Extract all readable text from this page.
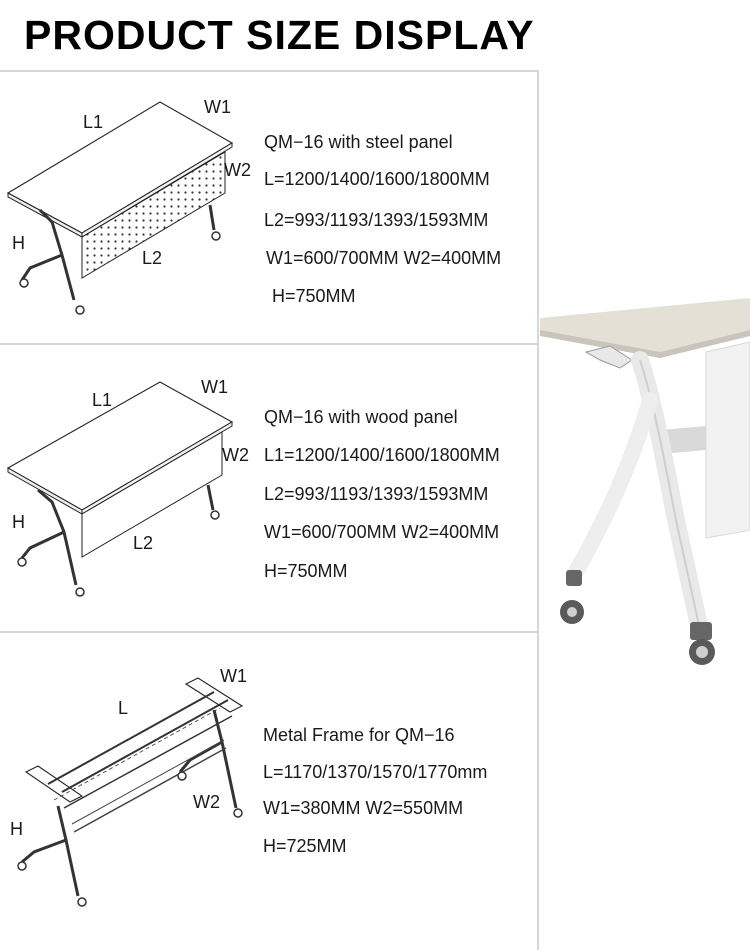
PRODUCT SIZE DISPLAY
L1
W1
W2
H
L2
QM−16 with steel panel
L=1200/1400/1600/1800MM
L2=993/1193/1393/1593MM
W1=600/700MM W2=400MM
H=750MM
L1
W1
W2
H
L2
QM−16 with wood panel
L1=1200/1400/1600/1800MM
L2=993/1193/1393/1593MM
W1=600/700MM W2=400MM
H=750MM
L
W1
W2
H
Metal Frame for QM−16
L=1170/1370/1570/1770mm
W1=380MM W2=550MM
H=725MM
